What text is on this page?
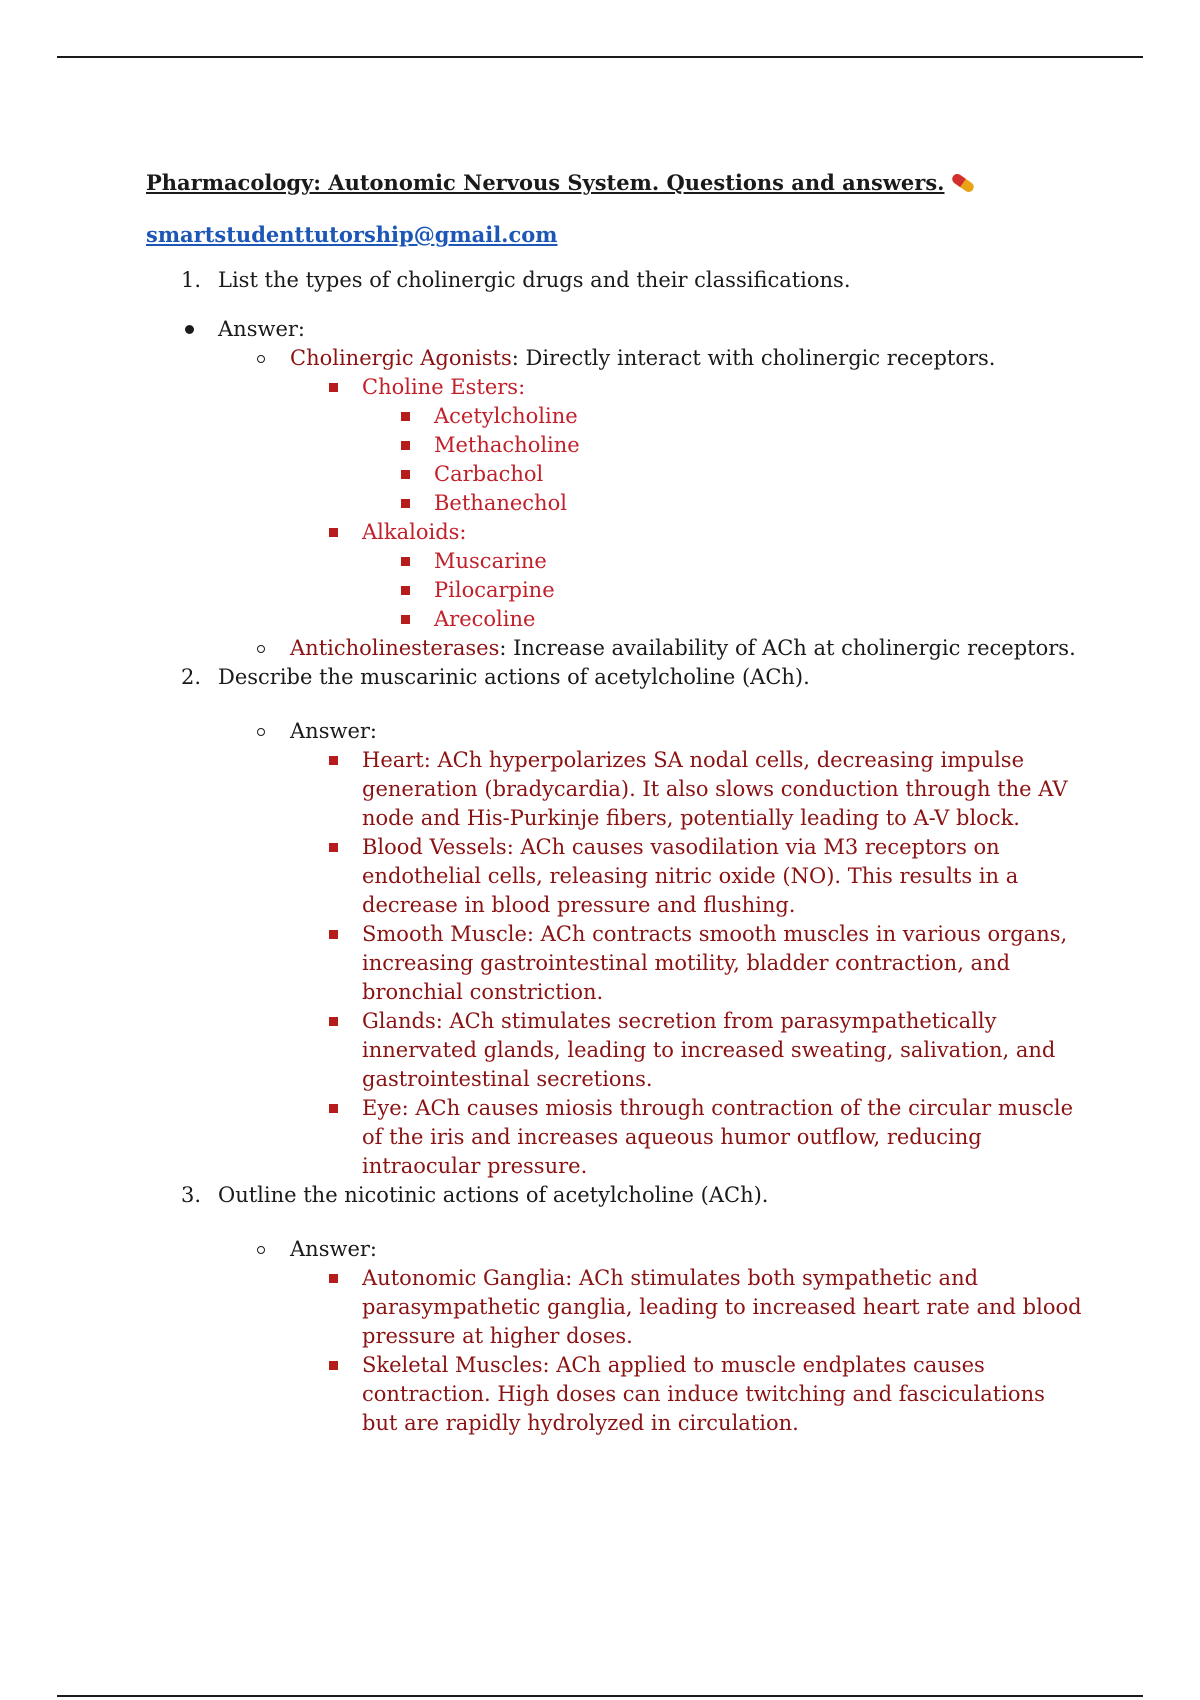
Pharmacology: Autonomic Nervous System. Questions and answers.
smartstudenttutorship@gmail.com
1. List the types of cholinergic drugs and their classifications.
Answer:
Cholinergic Agonists: Directly interact with cholinergic receptors.
Choline Esters:
Acetylcholine
Methacholine
Carbachol
Bethanechol
Alkaloids:
Muscarine
Pilocarpine
Arecoline
Anticholinesterases: Increase availability of ACh at cholinergic receptors.
2. Describe the muscarinic actions of acetylcholine (ACh).
Answer:
Heart: ACh hyperpolarizes SA nodal cells, decreasing impulse generation (bradycardia). It also slows conduction through the AV node and His-Purkinje fibers, potentially leading to A-V block.
Blood Vessels: ACh causes vasodilation via M3 receptors on endothelial cells, releasing nitric oxide (NO). This results in a decrease in blood pressure and flushing.
Smooth Muscle: ACh contracts smooth muscles in various organs, increasing gastrointestinal motility, bladder contraction, and bronchial constriction.
Glands: ACh stimulates secretion from parasympathetically innervated glands, leading to increased sweating, salivation, and gastrointestinal secretions.
Eye: ACh causes miosis through contraction of the circular muscle of the iris and increases aqueous humor outflow, reducing intraocular pressure.
3. Outline the nicotinic actions of acetylcholine (ACh).
Answer:
Autonomic Ganglia: ACh stimulates both sympathetic and parasympathetic ganglia, leading to increased heart rate and blood pressure at higher doses.
Skeletal Muscles: ACh applied to muscle endplates causes contraction. High doses can induce twitching and fasciculations but are rapidly hydrolyzed in circulation.
